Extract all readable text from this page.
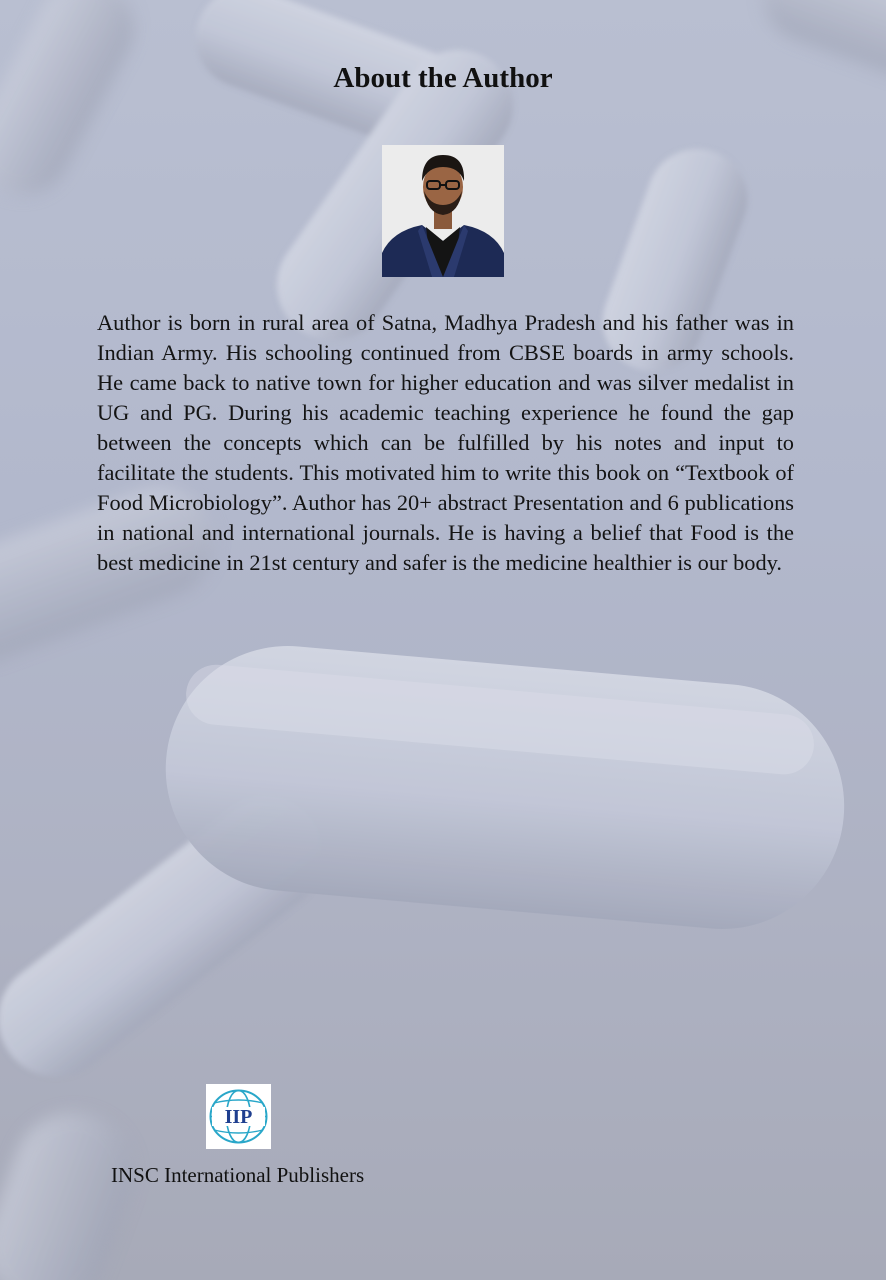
About the Author

Author is born in rural area of Satna, Madhya Pradesh and his father was in Indian Army. His schooling continued from CBSE boards in army schools. He came back to native town for higher education and was silver medalist in UG and PG. During his academic teaching experience he found the gap between the concepts which can be fulfilled by his notes and input to facilitate the students. This motivated him to write this book on “Textbook of Food Microbiology”. Author has 20+ abstract Presentation and 6 publications in national and international journals. He is having a belief that Food is the best medicine in 21st century and safer is the medicine healthier is our body.

IIP
INSC International Publishers
